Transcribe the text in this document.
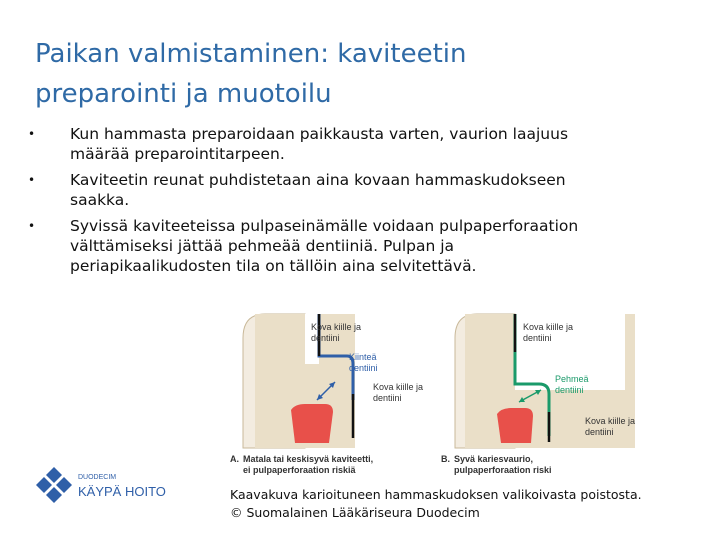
Paikan valmistaminen: kaviteetin
preparointi ja muotoilu
• Kun hammasta preparoidaan paikkausta varten, vaurion laajuus
määrää preparointitarpeen.
• Kaviteetin reunat puhdistetaan aina kovaan hammaskudokseen
saakka.
• Syvissä kaviteeteissa pulpaseinämälle voidaan pulpaperforaation
välttämiseksi jättää pehmeää dentiiniä. Pulpan ja
periapikaalikudosten tila on tällöin aina selvitettävä.
Kova kiille ja
dentiini
Kiinteä
dentiini
Kova kiille ja
dentiini
A. Matala tai keskisyvä kaviteetti,
ei pulpaperforaation riskiä
Kova kiille ja
dentiini
Pehmeä
dentiini
Kova kiille ja
dentiini
B. Syvä kariesvaurio,
pulpaperforaation riski
Kaavakuva karioituneen hammaskudoksen valikoivasta poistosta.
© Suomalainen Lääkäriseura Duodecim
DUODECIM
KÄYPÄ HOITO
